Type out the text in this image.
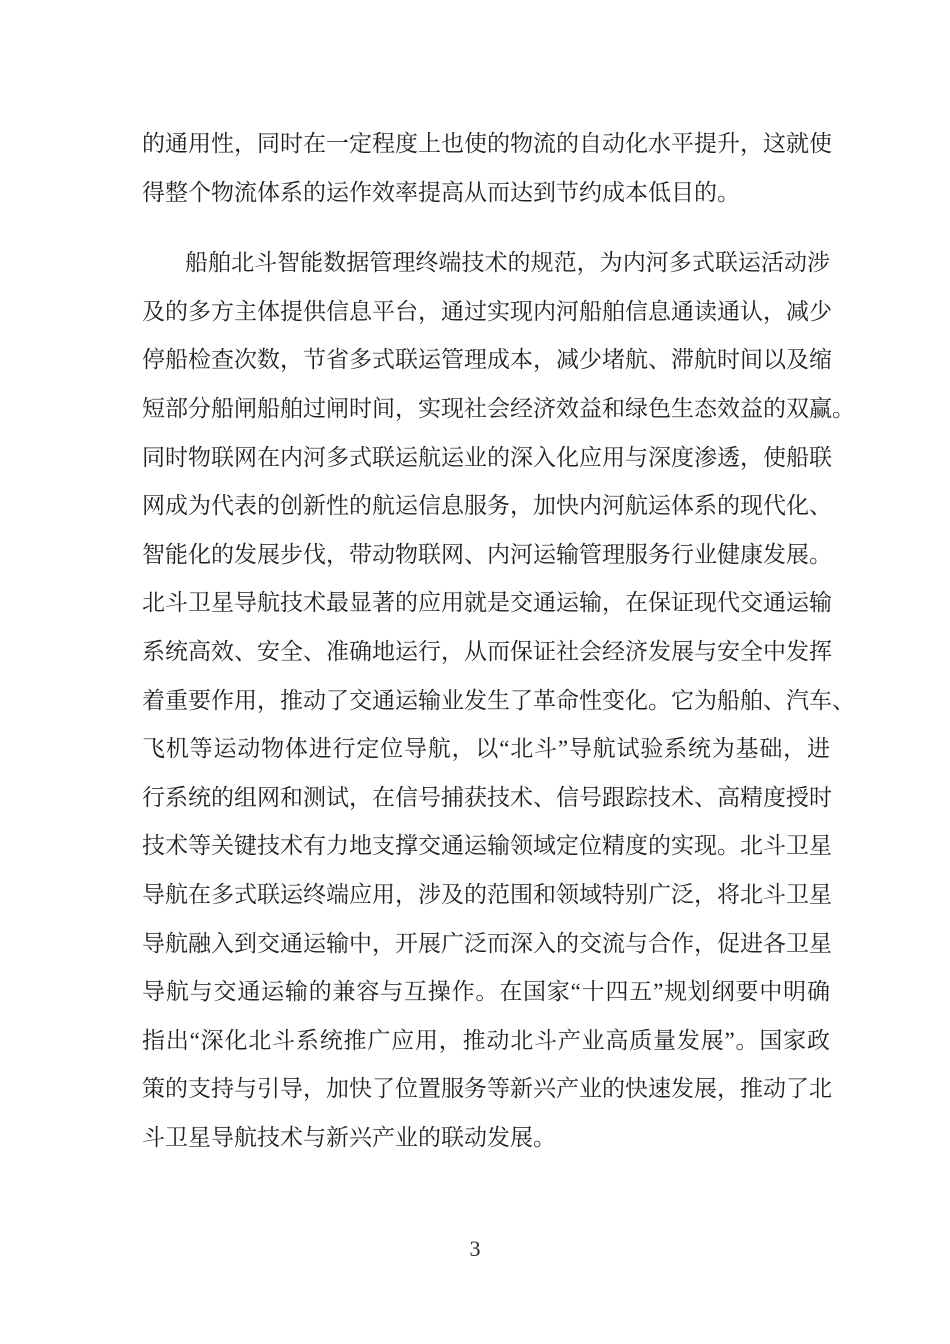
的通用性，同时在一定程度上也使的物流的自动化水平提升，这就使
得整个物流体系的运作效率提高从而达到节约成本低目的。
船舶北斗智能数据管理终端技术的规范，为内河多式联运活动涉
及的多方主体提供信息平台，通过实现内河船舶信息通读通认，减少
停船检查次数，节省多式联运管理成本，减少堵航、滞航时间以及缩
短部分船闸船舶过闸时间，实现社会经济效益和绿色生态效益的双赢。
同时物联网在内河多式联运航运业的深入化应用与深度渗透，使船联
网成为代表的创新性的航运信息服务，加快内河航运体系的现代化、
智能化的发展步伐，带动物联网、内河运输管理服务行业健康发展。
北斗卫星导航技术最显著的应用就是交通运输，在保证现代交通运输
系统高效、安全、准确地运行，从而保证社会经济发展与安全中发挥
着重要作用，推动了交通运输业发生了革命性变化。它为船舶、汽车、
飞机等运动物体进行定位导航，以“北斗”导航试验系统为基础，进
行系统的组网和测试，在信号捕获技术、信号跟踪技术、高精度授时
技术等关键技术有力地支撑交通运输领域定位精度的实现。北斗卫星
导航在多式联运终端应用，涉及的范围和领域特别广泛，将北斗卫星
导航融入到交通运输中，开展广泛而深入的交流与合作，促进各卫星
导航与交通运输的兼容与互操作。在国家“十四五”规划纲要中明确
指出“深化北斗系统推广应用，推动北斗产业高质量发展”。国家政
策的支持与引导，加快了位置服务等新兴产业的快速发展，推动了北
斗卫星导航技术与新兴产业的联动发展。
3
